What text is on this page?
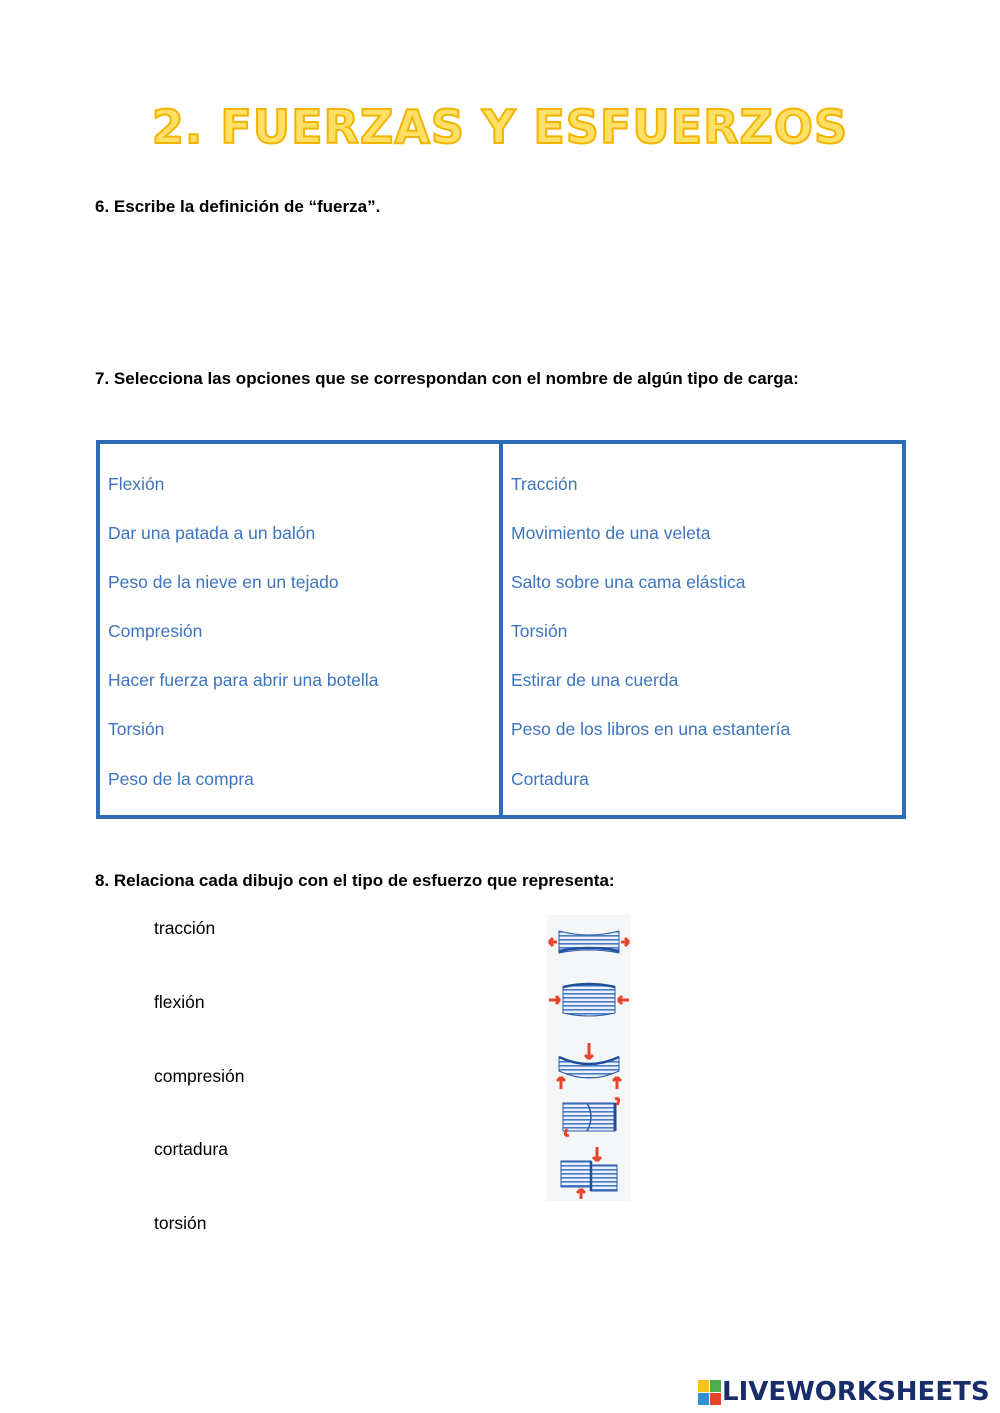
2. FUERZAS Y ESFUERZOS
6. Escribe la definición de “fuerza”.
7. Selecciona las opciones que se correspondan con el nombre de algún tipo de carga:
Flexión
Dar una patada a un balón
Peso de la nieve en un tejado
Compresión
Hacer fuerza para abrir una botella
Torsión
Peso de la compra
Tracción
Movimiento de una veleta
Salto sobre una cama elástica
Torsión
Estirar de una cuerda
Peso de los libros en una estantería
Cortadura
8. Relaciona cada dibujo con el tipo de esfuerzo que representa:
tracción
flexión
compresión
cortadura
torsión
LIVEWORKSHEETS
